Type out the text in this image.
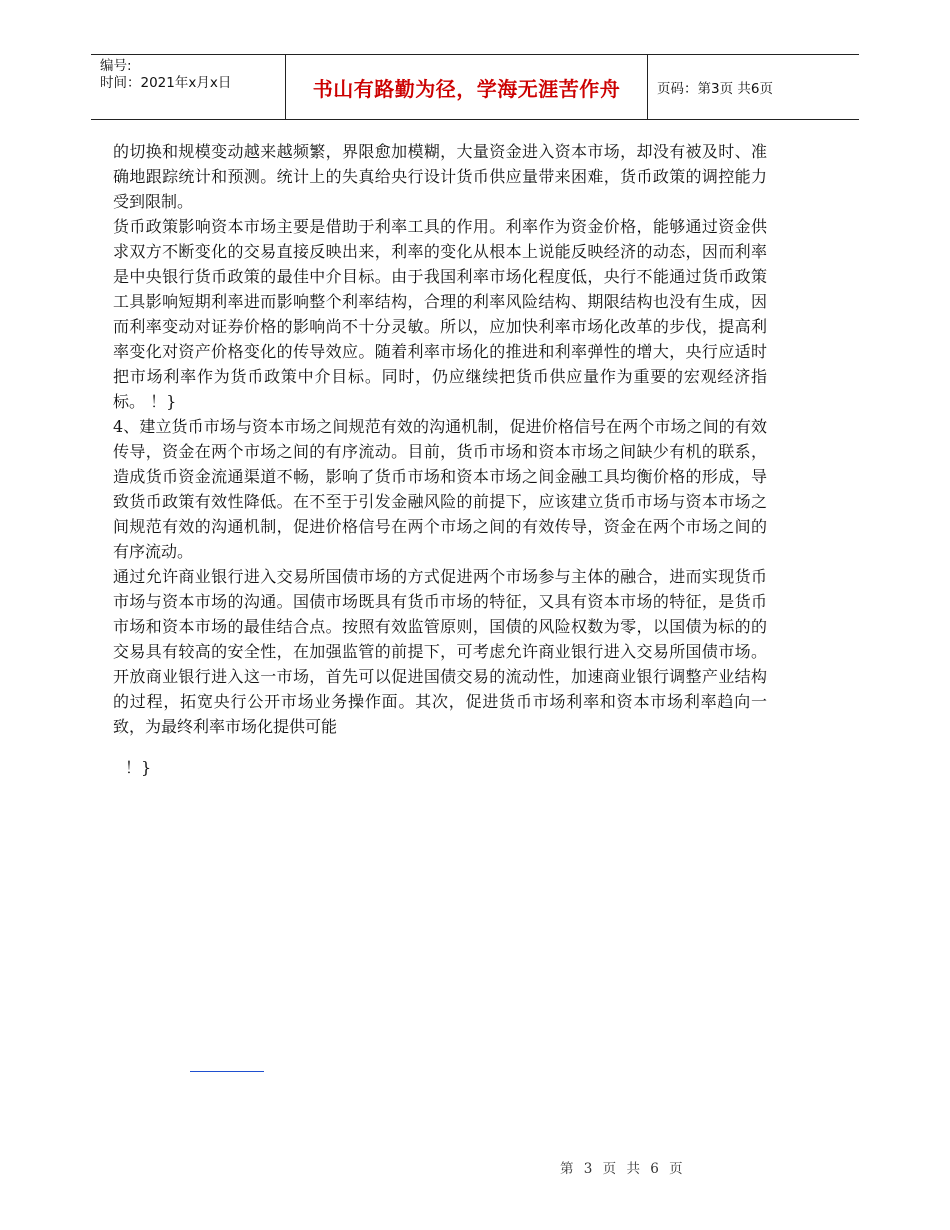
编号:
时间：2021年x月x日	书山有路勤为径，学海无涯苦作舟	页码：第3页 共6页

的切换和规模变动越来越频繁，界限愈加模糊，大量资金进入资本市场，却没有被及时、准确地跟踪统计和预测。统计上的失真给央行设计货币供应量带来困难，货币政策的调控能力受到限制。

货币政策影响资本市场主要是借助于利率工具的作用。利率作为资金价格，能够通过资金供求双方不断变化的交易直接反映出来，利率的变化从根本上说能反映经济的动态，因而利率是中央银行货币政策的最佳中介目标。由于我国利率市场化程度低，央行不能通过货币政策工具影响短期利率进而影响整个利率结构，合理的利率风险结构、期限结构也没有生成，因而利率变动对证券价格的影响尚不十分灵敏。所以，应加快利率市场化改革的步伐，提高利率变化对资产价格变化的传导效应。随着利率市场化的推进和利率弹性的增大，央行应适时把市场利率作为货币政策中介目标。同时，仍应继续把货币供应量作为重要的宏观经济指标。 ！}

4、建立货币市场与资本市场之间规范有效的沟通机制，促进价格信号在两个市场之间的有效传导，资金在两个市场之间的有序流动。目前，货币市场和资本市场之间缺少有机的联系，造成货币资金流通渠道不畅，影响了货币市场和资本市场之间金融工具均衡价格的形成，导致货币政策有效性降低。在不至于引发金融风险的前提下，应该建立货币市场与资本市场之间规范有效的沟通机制，促进价格信号在两个市场之间的有效传导，资金在两个市场之间的有序流动。

通过允许商业银行进入交易所国债市场的方式促进两个市场参与主体的融合，进而实现货币市场与资本市场的沟通。国债市场既具有货币市场的特征，又具有资本市场的特征，是货币市场和资本市场的最佳结合点。按照有效监管原则，国债的风险权数为零，以国债为标的的交易具有较高的安全性，在加强监管的前提下，可考虑允许商业银行进入交易所国债市场。开放商业银行进入这一市场，首先可以促进国债交易的流动性，加速商业银行调整产业结构的过程，拓宽央行公开市场业务操作面。其次，促进货币市场利率和资本市场利率趋向一致，为最终利率市场化提供可能

！}

第 3 页 共 6 页
